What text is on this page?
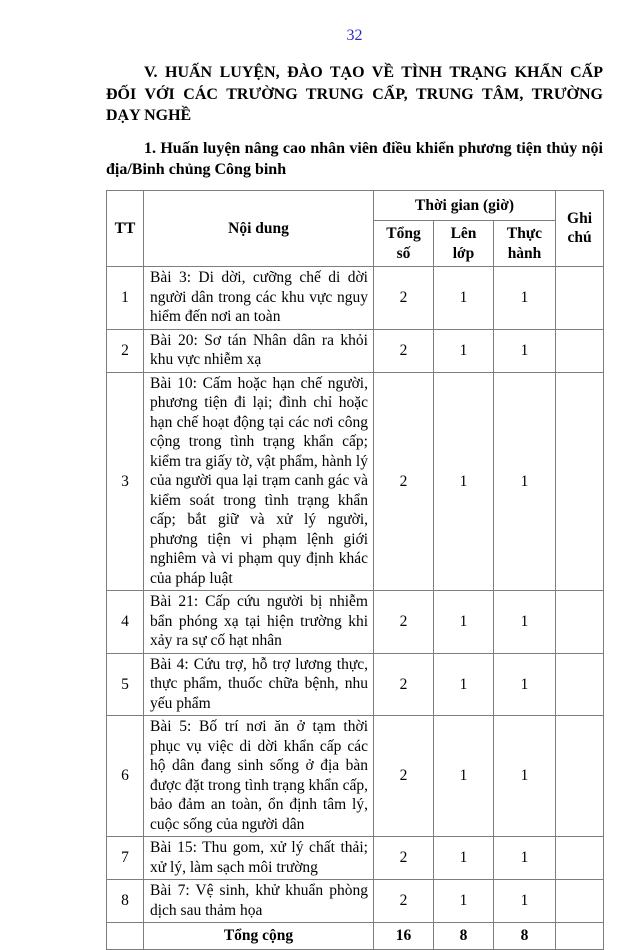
32

V. HUẤN LUYỆN, ĐÀO TẠO VỀ TÌNH TRẠNG KHẨN CẤP ĐỐI VỚI CÁC TRƯỜNG TRUNG CẤP, TRUNG TÂM, TRƯỜNG DẠY NGHỀ

1. Huấn luyện nâng cao nhân viên điều khiển phương tiện thủy nội địa/Binh chủng Công binh

TT	Nội dung	Thời gian (giờ)			Ghi chú

		Tổng số	Lên lớp	Thực hành	

1	Bài 3: Di dời, cưỡng chế di dời người dân trong các khu vực nguy hiểm đến nơi an toàn	2	1	1	
2	Bài 20: Sơ tán Nhân dân ra khỏi khu vực nhiễm xạ	2	1	1	
3	Bài 10: Cấm hoặc hạn chế người, phương tiện đi lại; đình chỉ hoặc hạn chế hoạt động tại các nơi công cộng trong tình trạng khẩn cấp; kiểm tra giấy tờ, vật phẩm, hành lý của người qua lại trạm canh gác và kiểm soát trong tình trạng khẩn cấp; bắt giữ và xử lý người, phương tiện vi phạm lệnh giới nghiêm và vi phạm quy định khác của pháp luật	2	1	1	
4	Bài 21: Cấp cứu người bị nhiễm bẩn phóng xạ tại hiện trường khi xảy ra sự cố hạt nhân	2	1	1	
5	Bài 4: Cứu trợ, hỗ trợ lương thực, thực phẩm, thuốc chữa bệnh, nhu yếu phẩm	2	1	1	
6	Bài 5: Bố trí nơi ăn ở tạm thời phục vụ việc di dời khẩn cấp các hộ dân đang sinh sống ở địa bàn được đặt trong tình trạng khẩn cấp, bảo đảm an toàn, ổn định tâm lý, cuộc sống của người dân	2	1	1	
7	Bài 15: Thu gom, xử lý chất thải; xử lý, làm sạch môi trường	2	1	1	
8	Bài 7: Vệ sinh, khử khuẩn phòng dịch sau thảm họa	2	1	1	
	Tổng cộng	16	8	8	
